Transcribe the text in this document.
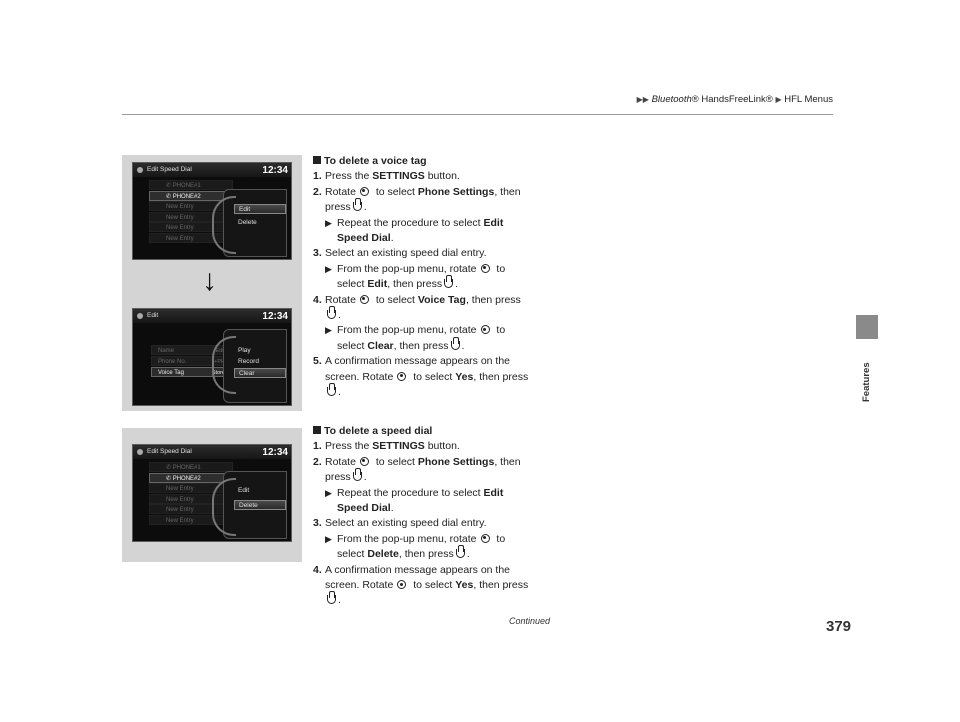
▶▶ Bluetooth® HandsFreeLink® ▶ HFL Menus
Features
Edit Speed Dial	12:34
✆ PHONE#1
✆ PHONE#2
New Entry
New Entry
New Entry
New Entry
Edit
Delete
↓
Edit	12:34
Name
Phone No.
Voice Tag
Play
Record
Clear
Edit Speed Dial	12:34
✆ PHONE#1
✆ PHONE#2
New Entry
New Entry
New Entry
New Entry
Edit
Delete
To delete a voice tag
1. Press the SETTINGS button.
2. Rotate to select Phone Settings, then
press .
▶ Repeat the procedure to select Edit
Speed Dial.
3. Select an existing speed dial entry.
▶ From the pop-up menu, rotate to
select Edit, then press .
4. Rotate to select Voice Tag, then press
.
▶ From the pop-up menu, rotate to
select Clear, then press .
5. A confirmation message appears on the
screen. Rotate to select Yes, then press
.
To delete a speed dial
1. Press the SETTINGS button.
2. Rotate to select Phone Settings, then
press .
▶ Repeat the procedure to select Edit
Speed Dial.
3. Select an existing speed dial entry.
▶ From the pop-up menu, rotate to
select Delete, then press .
4. A confirmation message appears on the
screen. Rotate to select Yes, then press
.
Continued	379
